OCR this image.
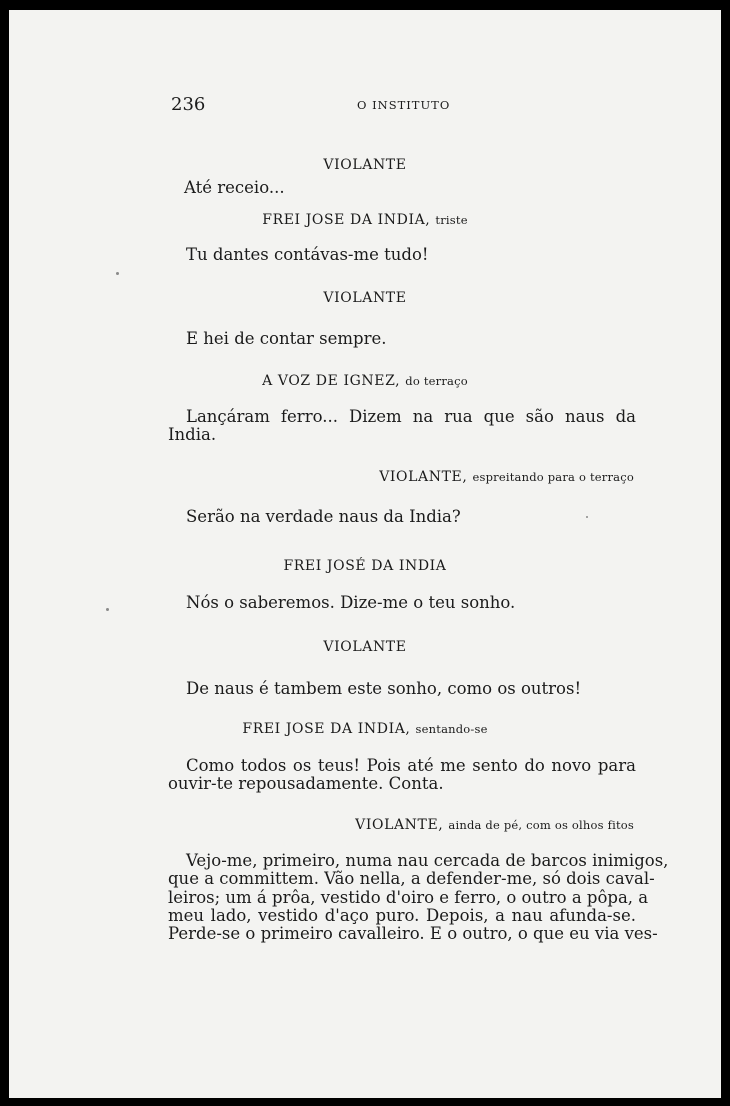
236	O INSTITUTO
VIOLANTE
Até receio...
FREI JOSE DA INDIA, triste
Tu dantes contávas-me tudo!
VIOLANTE
E hei de contar sempre.
A VOZ DE IGNEZ, do terraço
Lançáram ferro... Dizem na rua que são naus da
India.
VIOLANTE, espreitando para o terraço
Serão na verdade naus da India?
FREI JOSÉ DA INDIA
Nós o saberemos. Dize-me o teu sonho.
VIOLANTE
De naus é tambem este sonho, como os outros!
FREI JOSE DA INDIA, sentando-se
Como todos os teus! Pois até me sento do novo para
ouvir-te repousadamente. Conta.
VIOLANTE, ainda de pé, com os olhos fitos
Vejo-me, primeiro, numa nau cercada de barcos inimigos,
que a committem. Vão nella, a defender-me, só dois caval-
leiros; um á prôa, vestido d'oiro e ferro, o outro a pôpa, a
meu lado, vestido d'aço puro. Depois, a nau afunda-se.
Perde-se o primeiro cavalleiro. E o outro, o que eu via ves-
